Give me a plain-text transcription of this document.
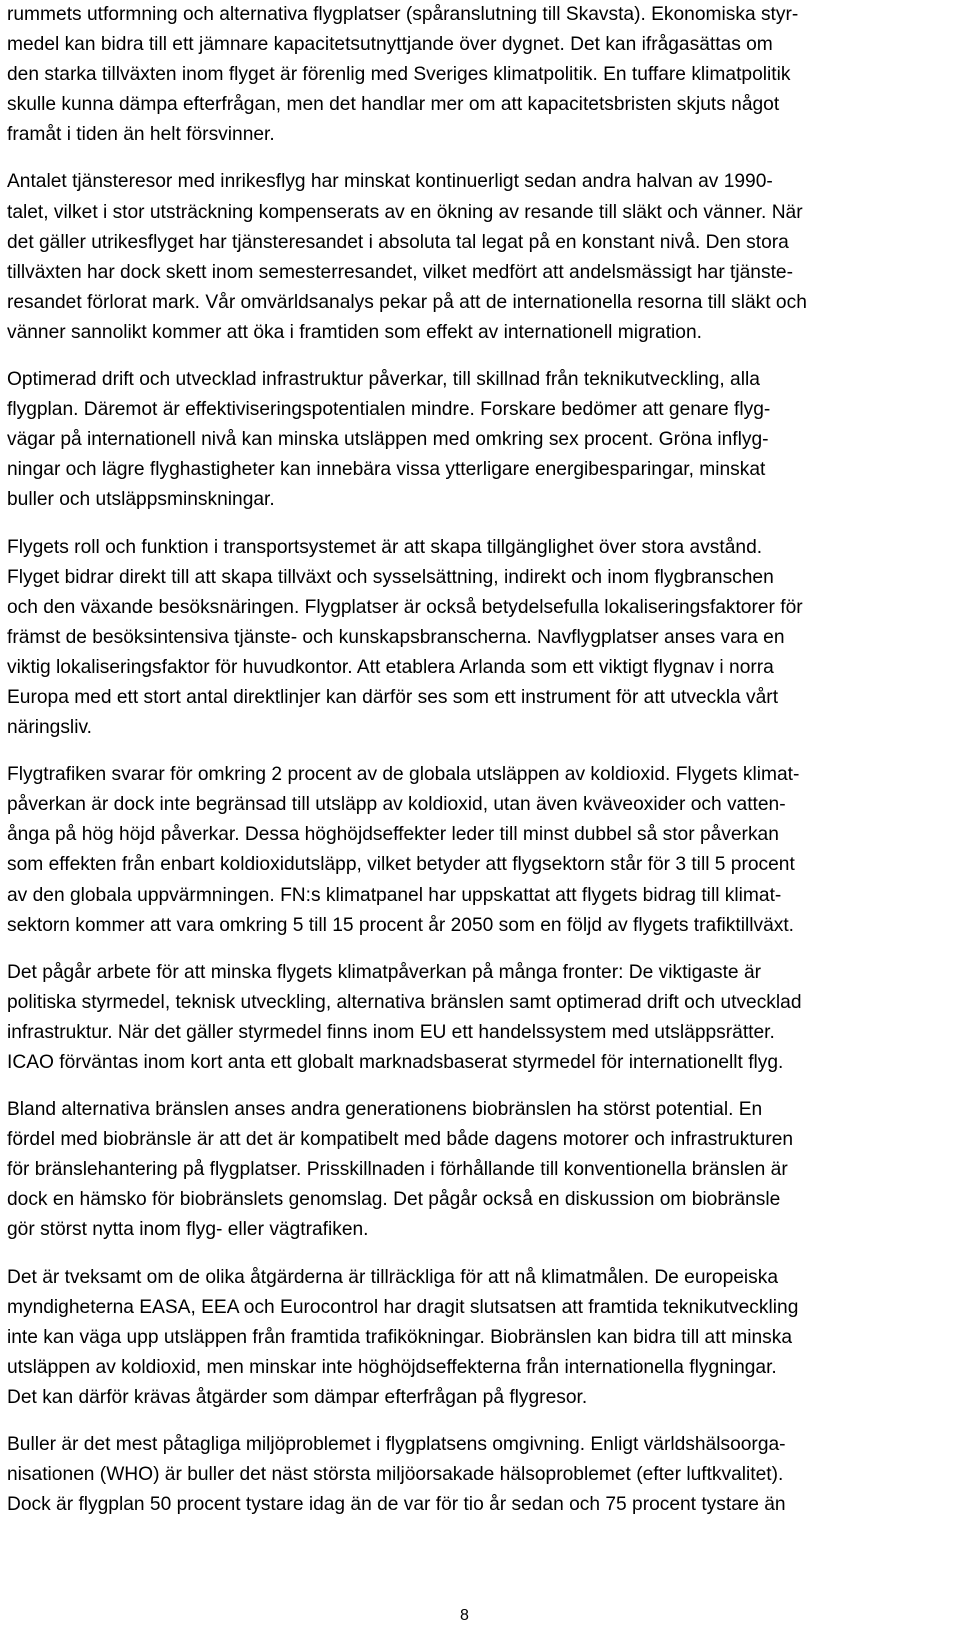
rummets utformning och alternativa flygplatser (spåranslutning till Skavsta). Ekonomiska styr-
medel kan bidra till ett jämnare kapacitetsutnyttjande över dygnet. Det kan ifrågasättas om
den starka tillväxten inom flyget är förenlig med Sveriges klimatpolitik. En tuffare klimatpolitik
skulle kunna dämpa efterfrågan, men det handlar mer om att kapacitetsbristen skjuts något
framåt i tiden än helt försvinner.

Antalet tjänsteresor med inrikesflyg har minskat kontinuerligt sedan andra halvan av 1990-
talet, vilket i stor utsträckning kompenserats av en ökning av resande till släkt och vänner. När
det gäller utrikesflyget har tjänsteresandet i absoluta tal legat på en konstant nivå. Den stora
tillväxten har dock skett inom semesterresandet, vilket medfört att andelsmässigt har tjänste-
resandet förlorat mark. Vår omvärldsanalys pekar på att de internationella resorna till släkt och
vänner sannolikt kommer att öka i framtiden som effekt av internationell migration.

Optimerad drift och utvecklad infrastruktur påverkar, till skillnad från teknikutveckling, alla
flygplan. Däremot är effektiviseringspotentialen mindre. Forskare bedömer att genare flyg-
vägar på internationell nivå kan minska utsläppen med omkring sex procent. Gröna inflyg-
ningar och lägre flyghastigheter kan innebära vissa ytterligare energibesparingar, minskat
buller och utsläppsminskningar.

Flygets roll och funktion i transportsystemet är att skapa tillgänglighet över stora avstånd.
Flyget bidrar direkt till att skapa tillväxt och sysselsättning, indirekt och inom flygbranschen
och den växande besöksnäringen. Flygplatser är också betydelsefulla lokaliseringsfaktorer för
främst de besöksintensiva tjänste- och kunskapsbranscherna. Navflygplatser anses vara en
viktig lokaliseringsfaktor för huvudkontor. Att etablera Arlanda som ett viktigt flygnav i norra
Europa med ett stort antal direktlinjer kan därför ses som ett instrument för att utveckla vårt
näringsliv.

Flygtrafiken svarar för omkring 2 procent av de globala utsläppen av koldioxid. Flygets klimat-
påverkan är dock inte begränsad till utsläpp av koldioxid, utan även kväveoxider och vatten-
ånga på hög höjd påverkar. Dessa höghöjdseffekter leder till minst dubbel så stor påverkan
som effekten från enbart koldioxidutsläpp, vilket betyder att flygsektorn står för 3 till 5 procent
av den globala uppvärmningen. FN:s klimatpanel har uppskattat att flygets bidrag till klimat-
sektorn kommer att vara omkring 5 till 15 procent år 2050 som en följd av flygets trafiktillväxt.

Det pågår arbete för att minska flygets klimatpåverkan på många fronter: De viktigaste är
politiska styrmedel, teknisk utveckling, alternativa bränslen samt optimerad drift och utvecklad
infrastruktur. När det gäller styrmedel finns inom EU ett handelssystem med utsläppsrätter.
ICAO förväntas inom kort anta ett globalt marknadsbaserat styrmedel för internationellt flyg.

Bland alternativa bränslen anses andra generationens biobränslen ha störst potential. En
fördel med biobränsle är att det är kompatibelt med både dagens motorer och infrastrukturen
för bränslehantering på flygplatser. Prisskillnaden i förhållande till konventionella bränslen är
dock en hämsko för biobränslets genomslag. Det pågår också en diskussion om biobränsle
gör störst nytta inom flyg- eller vägtrafiken.

Det är tveksamt om de olika åtgärderna är tillräckliga för att nå klimatmålen. De europeiska
myndigheterna EASA, EEA och Eurocontrol har dragit slutsatsen att framtida teknikutveckling
inte kan väga upp utsläppen från framtida trafikökningar. Biobränslen kan bidra till att minska
utsläppen av koldioxid, men minskar inte höghöjdseffekterna från internationella flygningar.
Det kan därför krävas åtgärder som dämpar efterfrågan på flygresor.

Buller är det mest påtagliga miljöproblemet i flygplatsens omgivning. Enligt världshälsoorga-
nisationen (WHO) är buller det näst största miljöorsakade hälsoproblemet (efter luftkvalitet).
Dock är flygplan 50 procent tystare idag än de var för tio år sedan och 75 procent tystare än

8
